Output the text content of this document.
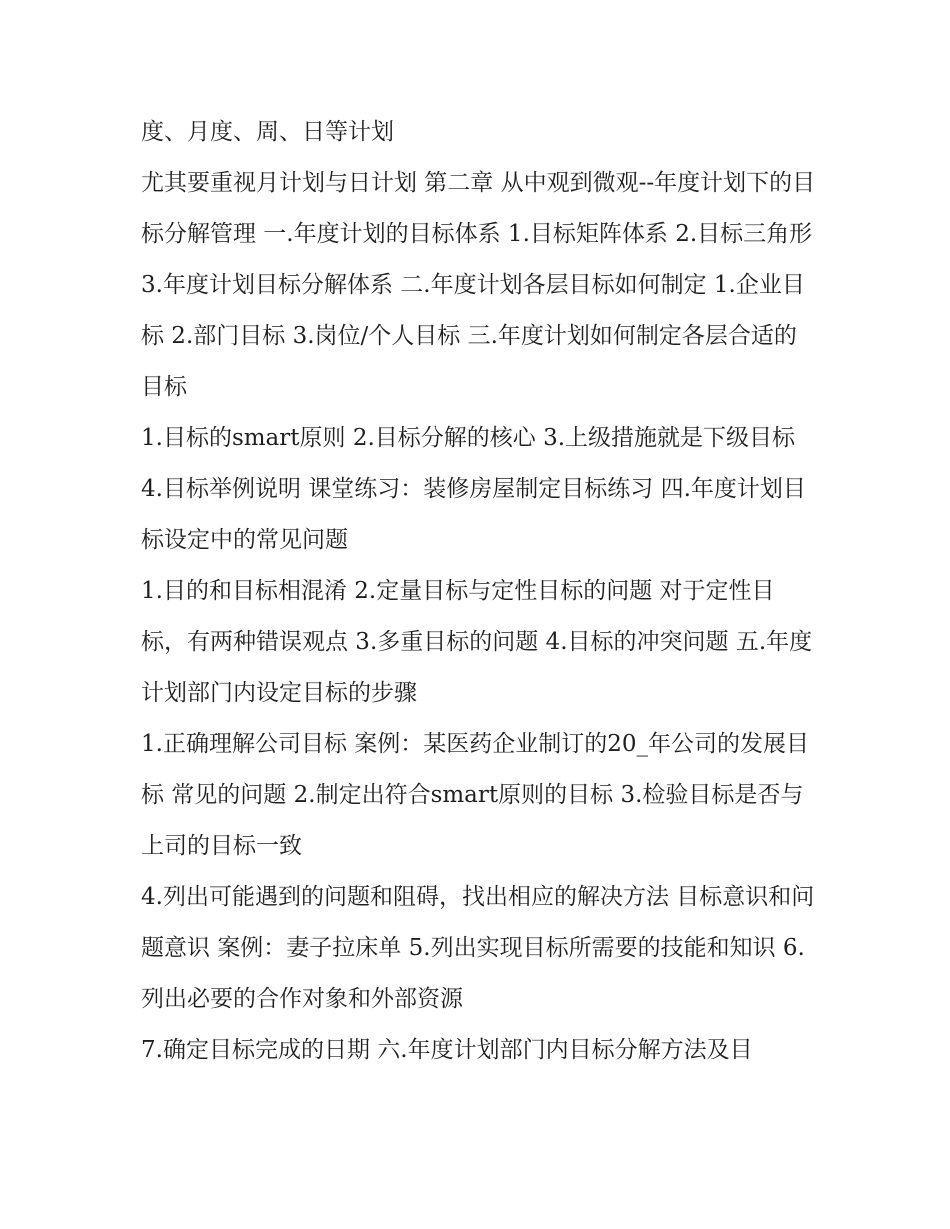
度、月度、周、日等计划

尤其要重视月计划与日计划 第二章 从中观到微观--年度计划下的目标分解管理 一.年度计划的目标体系 1.目标矩阵体系 2.目标三角形

3.年度计划目标分解体系 二.年度计划各层目标如何制定 1.企业目标 2.部门目标 3.岗位/个人目标 三.年度计划如何制定各层合适的目标

1.目标的smart原则 2.目标分解的核心 3.上级措施就是下级目标 4.目标举例说明 课堂练习：装修房屋制定目标练习 四.年度计划目标设定中的常见问题

1.目的和目标相混淆 2.定量目标与定性目标的问题 对于定性目标，有两种错误观点 3.多重目标的问题 4.目标的冲突问题 五.年度计划部门内设定目标的步骤

1.正确理解公司目标 案例：某医药企业制订的20_年公司的发展目标 常见的问题 2.制定出符合smart原则的目标 3.检验目标是否与上司的目标一致

4.列出可能遇到的问题和阻碍，找出相应的解决方法 目标意识和问题意识 案例：妻子拉床单 5.列出实现目标所需要的技能和知识 6.列出必要的合作对象和外部资源

7.确定目标完成的日期 六.年度计划部门内目标分解方法及目
